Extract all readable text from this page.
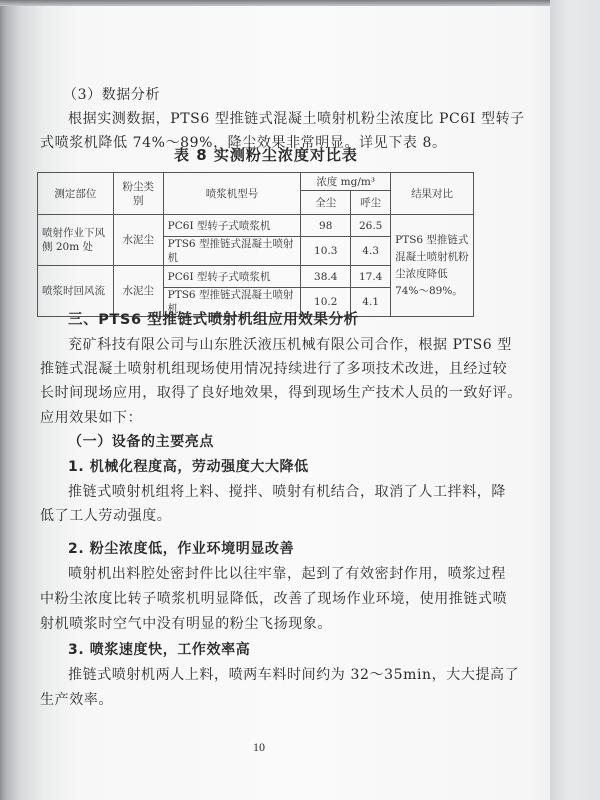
（3）数据分析
根据实测数据，PTS6 型推链式混凝土喷射机粉尘浓度比 PC6I 型转子
式喷浆机降低 74%～89%，降尘效果非常明显。详见下表 8。
表 8 实测粉尘浓度对比表
测定部位	粉尘类别	喷浆机型号	浓度 mg/m³		结果对比
			全尘	呼尘	
喷射作业下风侧 20m 处	水泥尘	PC6I 型转子式喷浆机	98	26.5	PTS6 型推链式混凝土喷射机粉尘浓度降低 74%～89%。
		PTS6 型推链式混凝土喷射机	10.3	4.3	
喷浆时回风流	水泥尘	PC6I 型转子式喷浆机	38.4	17.4	
		PTS6 型推链式混凝土喷射机	10.2	4.1	
三、PTS6 型推链式喷射机组应用效果分析
兖矿科技有限公司与山东胜沃液压机械有限公司合作，根据 PTS6 型
推链式混凝土喷射机组现场使用情况持续进行了多项技术改进，且经过较
长时间现场应用，取得了良好地效果，得到现场生产技术人员的一致好评。
应用效果如下：
（一）设备的主要亮点
1. 机械化程度高，劳动强度大大降低
推链式喷射机组将上料、搅拌、喷射有机结合，取消了人工拌料，降
低了工人劳动强度。
2. 粉尘浓度低，作业环境明显改善
喷射机出料腔处密封件比以往牢靠，起到了有效密封作用，喷浆过程
中粉尘浓度比转子喷浆机明显降低，改善了现场作业环境，使用推链式喷
射机喷浆时空气中没有明显的粉尘飞扬现象。
3. 喷浆速度快，工作效率高
推链式喷射机两人上料，喷两车料时间约为 32～35min，大大提高了
生产效率。
10
